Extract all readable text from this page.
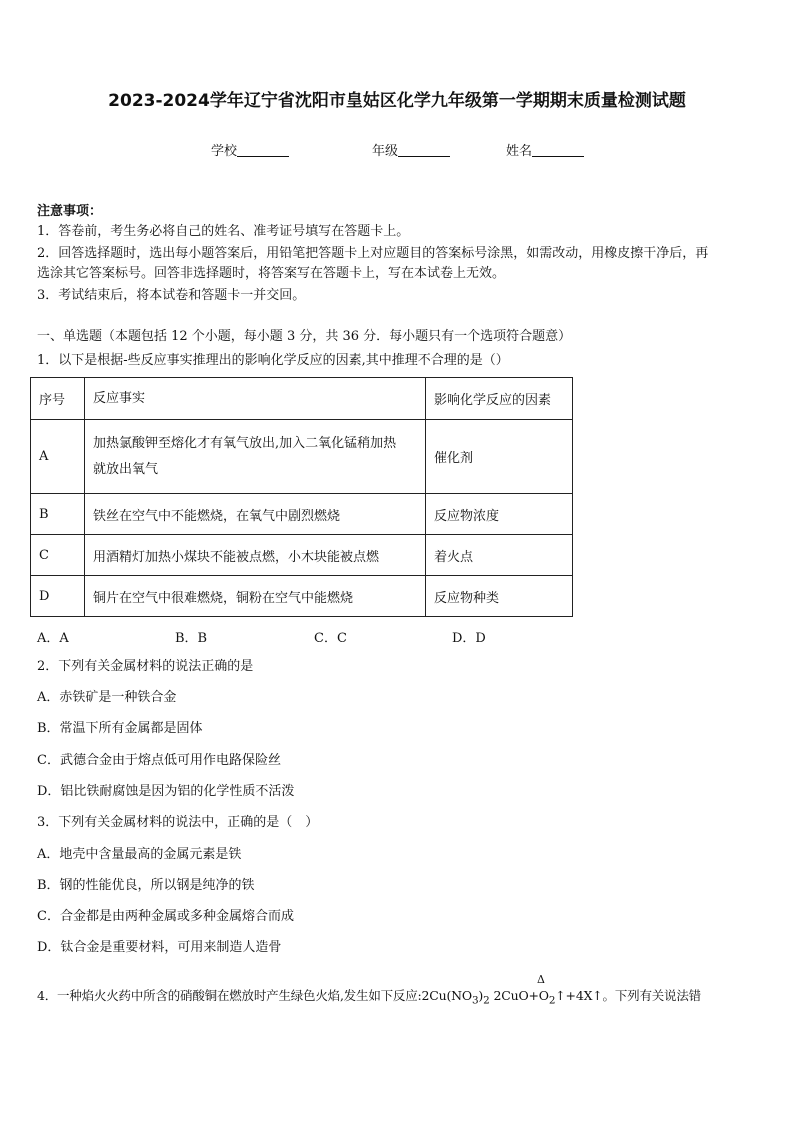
2023-2024学年辽宁省沈阳市皇姑区化学九年级第一学期期末质量检测试题
学校	年级	姓名
注意事项：
1．答卷前，考生务必将自己的姓名、准考证号填写在答题卡上。
2．回答选择题时，选出每小题答案后，用铅笔把答题卡上对应题目的答案标号涂黑，如需改动，用橡皮擦干净后，再
选涂其它答案标号。回答非选择题时，将答案写在答题卡上，写在本试卷上无效。
3．考试结束后，将本试卷和答题卡一并交回。
一、单选题（本题包括 12 个小题，每小题 3 分，共 36 分．每小题只有一个选项符合题意）
1．以下是根据-些反应事实推理出的影响化学反应的因素,其中推理不合理的是（）
序号	反应事实	影响化学反应的因素
A	加热氯酸钾至熔化才有氧气放出,加入二氧化锰稍加热
就放出氧气	催化剂
B	铁丝在空气中不能燃烧，在氧气中剧烈燃烧	反应物浓度
C	用酒精灯加热小煤块不能被点燃，小木块能被点燃	着火点
D	铜片在空气中很难燃烧，铜粉在空气中能燃烧	反应物种类
A．A	B．B	C．C	D．D
2．下列有关金属材料的说法正确的是
A．赤铁矿是一种铁合金
B．常温下所有金属都是固体
C．武德合金由于熔点低可用作电路保险丝
D．铝比铁耐腐蚀是因为铝的化学性质不活泼
3．下列有关金属材料的说法中，正确的是（　）
A．地壳中含量最高的金属元素是铁
B．钢的性能优良，所以钢是纯净的铁
C．合金都是由两种金属或多种金属熔合而成
D．钛合金是重要材料，可用来制造人造骨
Δ
4．一种焰火火药中所含的硝酸铜在燃放时产生绿色火焰,发生如下反应$:2Cu(NO_3)_2$ $2CuO+O_2↑+4X↑$。下列有关说法错
